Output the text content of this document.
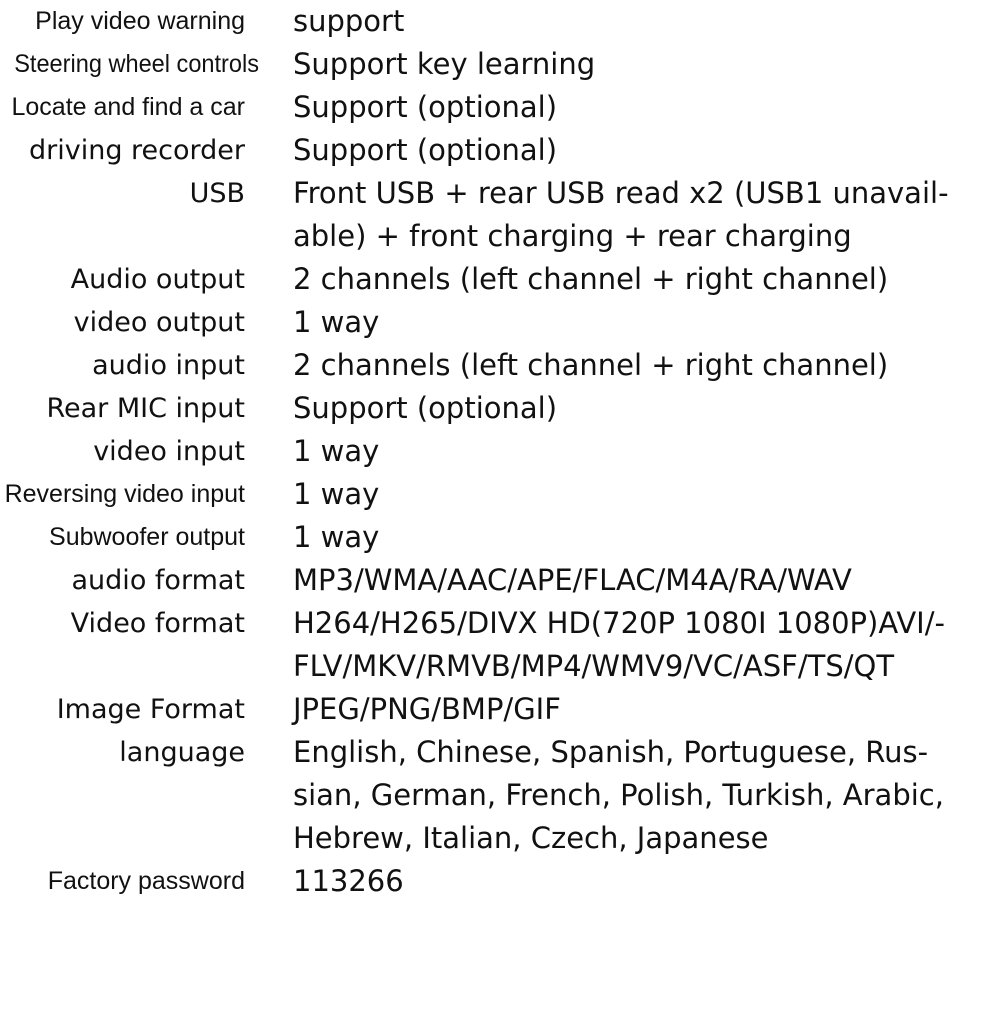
Play video warning support
Steering wheel controls Support key learning
Locate and find a car Support (optional)
driving recorder Support (optional)
USB Front USB + rear USB read x2 (USB1 unavail-
able) + front charging + rear charging
Audio output 2 channels (left channel + right channel)
video output 1 way
audio input 2 channels (left channel + right channel)
Rear MIC input Support (optional)
video input 1 way
Reversing video input 1 way
Subwoofer output 1 way
audio format MP3/WMA/AAC/APE/FLAC/M4A/RA/WAV
Video format H264/H265/DIVX HD(720P 1080I 1080P)AVI/-
FLV/MKV/RMVB/MP4/WMV9/VC/ASF/TS/QT
Image Format JPEG/PNG/BMP/GIF
language English, Chinese, Spanish, Portuguese, Rus-
sian, German, French, Polish, Turkish, Arabic,
Hebrew, Italian, Czech, Japanese
Factory password 113266
